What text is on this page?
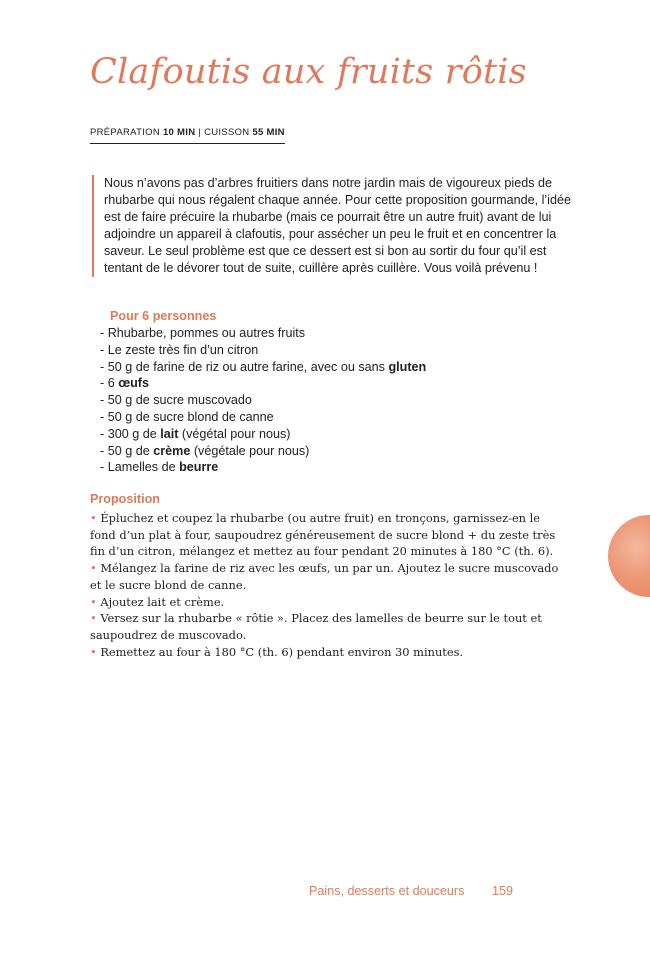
Clafoutis aux fruits rôtis
PRÉPARATION 10 MIN | CUISSON 55 MIN
Nous n’avons pas d’arbres fruitiers dans notre jardin mais de vigoureux pieds de rhubarbe qui nous régalent chaque année. Pour cette proposition gourmande, l’idée est de faire précuire la rhubarbe (mais ce pourrait être un autre fruit) avant de lui adjoindre un appareil à clafoutis, pour assécher un peu le fruit et en concentrer la saveur. Le seul problème est que ce dessert est si bon au sortir du four qu’il est tentant de le dévorer tout de suite, cuillère après cuillère. Vous voilà prévenu !
Pour 6 personnes
- Rhubarbe, pommes ou autres fruits
- Le zeste très fin d’un citron
- 50 g de farine de riz ou autre farine, avec ou sans gluten
- 6 œufs
- 50 g de sucre muscovado
- 50 g de sucre blond de canne
- 300 g de lait (végétal pour nous)
- 50 g de crème (végétale pour nous)
- Lamelles de beurre
Proposition
• Épluchez et coupez la rhubarbe (ou autre fruit) en tronçons, garnissez-en le fond d’un plat à four, saupoudrez généreusement de sucre blond + du zeste très fin d’un citron, mélangez et mettez au four pendant 20 minutes à 180 °C (th. 6).
• Mélangez la farine de riz avec les œufs, un par un. Ajoutez le sucre muscovado et le sucre blond de canne.
• Ajoutez lait et crème.
• Versez sur la rhubarbe « rôtie ». Placez des lamelles de beurre sur le tout et saupoudrez de muscovado.
• Remettez au four à 180 °C (th. 6) pendant environ 30 minutes.
Pains, desserts et douceurs 159
